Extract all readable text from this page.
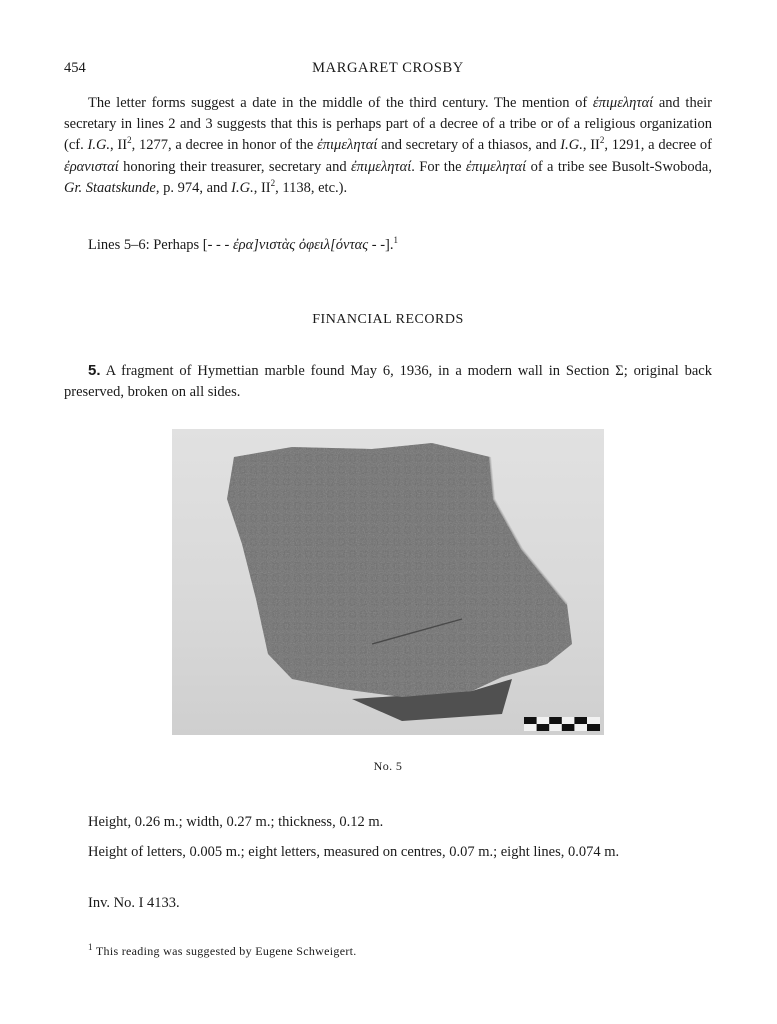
454	MARGARET CROSBY

The letter forms suggest a date in the middle of the third century. The mention of ἐπιμεληταί and their secretary in lines 2 and 3 suggests that this is perhaps part of a decree of a tribe or of a religious organization (cf. I.G., $II^2$, 1277, a decree in honor of the ἐπιμεληταί and secretary of a thiasos, and I.G., $II^2$, 1291, a decree of ἐρανισταί honoring their treasurer, secretary and ἐπιμεληταί. For the ἐπιμεληταί of a tribe see Busolt-Swoboda, Gr. Staatskunde, p. 974, and I.G., $II^2$, 1138, etc.).

Lines 5–6: Perhaps [- - - ἐρα]νιστὰς ὀφειλ[όντας - -].$^1$

FINANCIAL RECORDS

5. A fragment of Hymettian marble found May 6, 1936, in a modern wall in Section Σ; original back preserved, broken on all sides.

No. 5

Height, 0.26 m.; width, 0.27 m.; thickness, 0.12 m.

Height of letters, 0.005 m.; eight letters, measured on centres, 0.07 m.; eight lines, 0.074 m.

Inv. No. I 4133.

$^1$ This reading was suggested by Eugene Schweigert.
